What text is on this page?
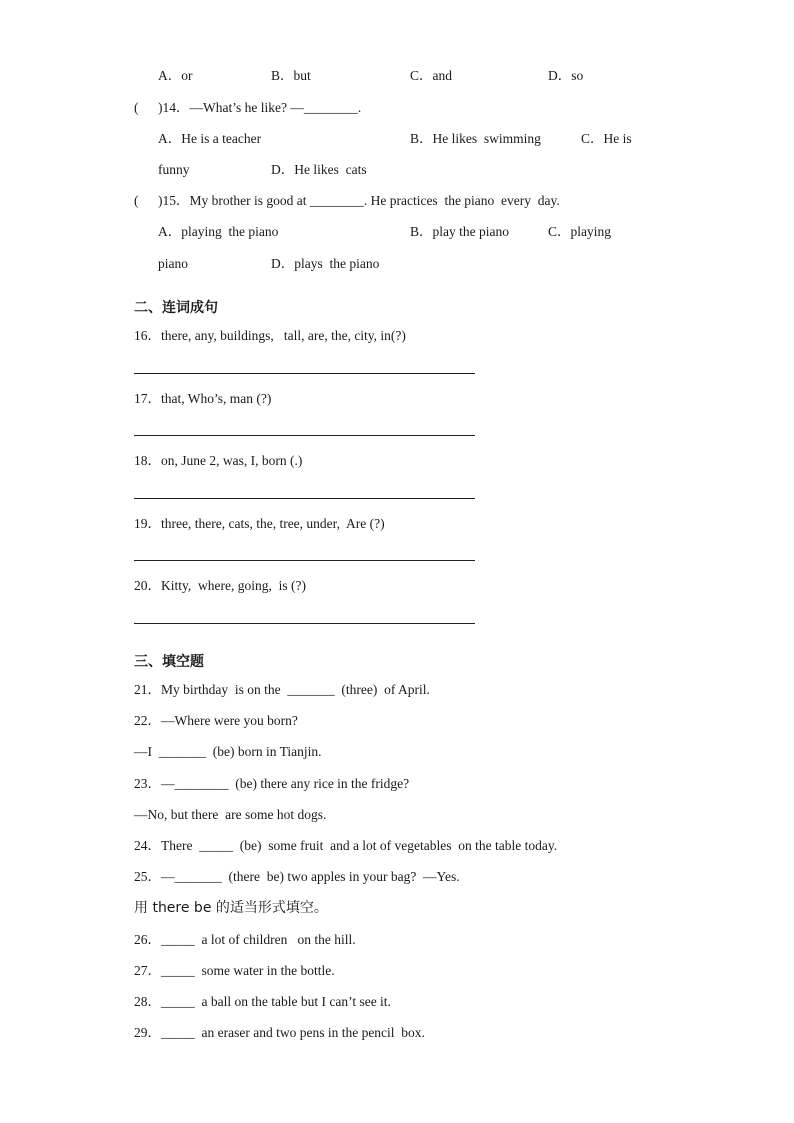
A．or	B．but	C．and	D．so
( )14．—What’s he like? —________.
A．He is a teacher	B．He likes  swimming	C．He is
funny	D．He likes  cats
( )15．My brother is good at ________. He practices  the piano  every  day.
A．playing  the piano	B．play the piano	C．playing
piano	D．plays  the piano
二、连词成句
16．there, any, buildings,   tall, are, the, city, in(?)
17．that, Who’s, man (?)
18．on, June 2, was, I, born (.)
19．three, there, cats, the, tree, under,  Are (?)
20．Kitty,  where, going,  is (?)
三、填空题
21．My birthday  is on the  _______  (three)  of April.
22．—Where were you born?
—I  _______  (be) born in Tianjin.
23．—________  (be) there any rice in the fridge?
—No, but there  are some hot dogs.
24．There  _____  (be)  some fruit  and a lot of vegetables  on the table today.
25．—_______  (there  be) two apples in your bag?  —Yes.
用 there be 的适当形式填空。
26．_____  a lot of children   on the hill.
27．_____  some water in the bottle.
28．_____  a ball on the table but I can’t see it.
29．_____  an eraser and two pens in the pencil  box.
